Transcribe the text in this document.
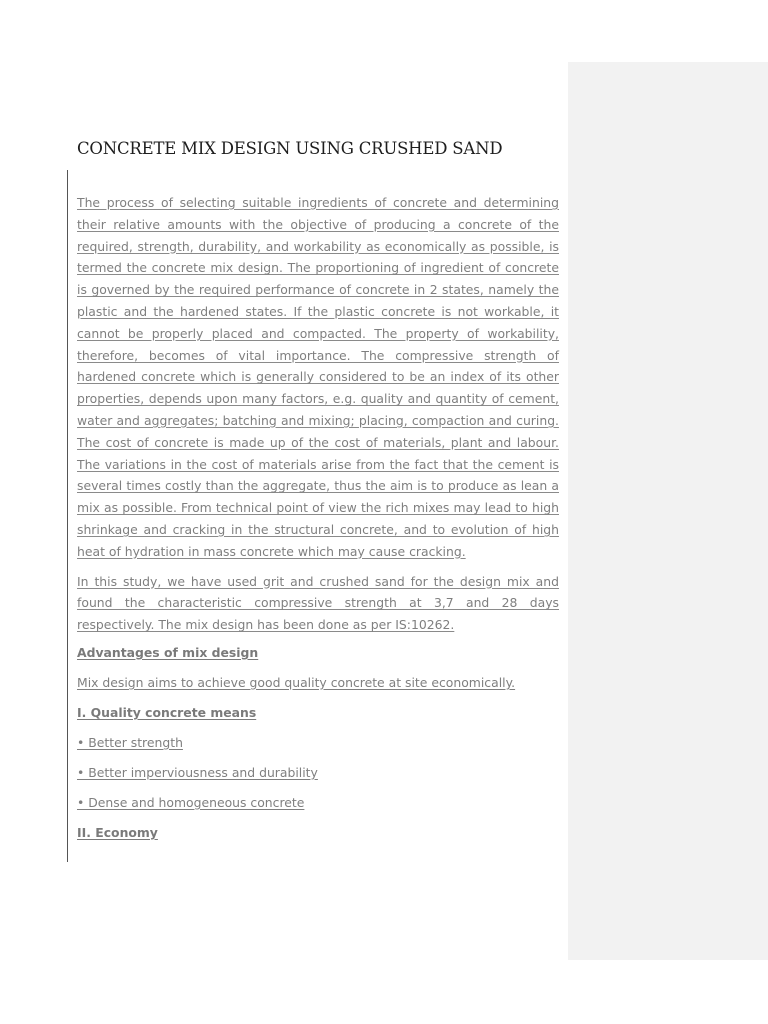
CONCRETE MIX DESIGN USING CRUSHED SAND

The process of selecting suitable ingredients of concrete and determining their relative amounts with the objective of producing a concrete of the required, strength, durability, and workability as economically as possible, is termed the concrete mix design. The proportioning of ingredient of concrete is governed by the required performance of concrete in 2 states, namely the plastic and the hardened states. If the plastic concrete is not workable, it cannot be properly placed and compacted. The property of workability, therefore, becomes of vital importance. The compressive strength of hardened concrete which is generally considered to be an index of its other properties, depends upon many factors, e.g. quality and quantity of cement, water and aggregates; batching and mixing; placing, compaction and curing. The cost of concrete is made up of the cost of materials, plant and labour. The variations in the cost of materials arise from the fact that the cement is several times costly than the aggregate, thus the aim is to produce as lean a mix as possible. From technical point of view the rich mixes may lead to high shrinkage and cracking in the structural concrete, and to evolution of high heat of hydration in mass concrete which may cause cracking.

In this study, we have used grit and crushed sand for the design mix and found the characteristic compressive strength at 3,7 and 28 days respectively. The mix design has been done as per IS:10262.

Advantages of mix design

Mix design aims to achieve good quality concrete at site economically.

I. Quality concrete means

• Better strength

• Better imperviousness and durability

• Dense and homogeneous concrete

II. Economy
